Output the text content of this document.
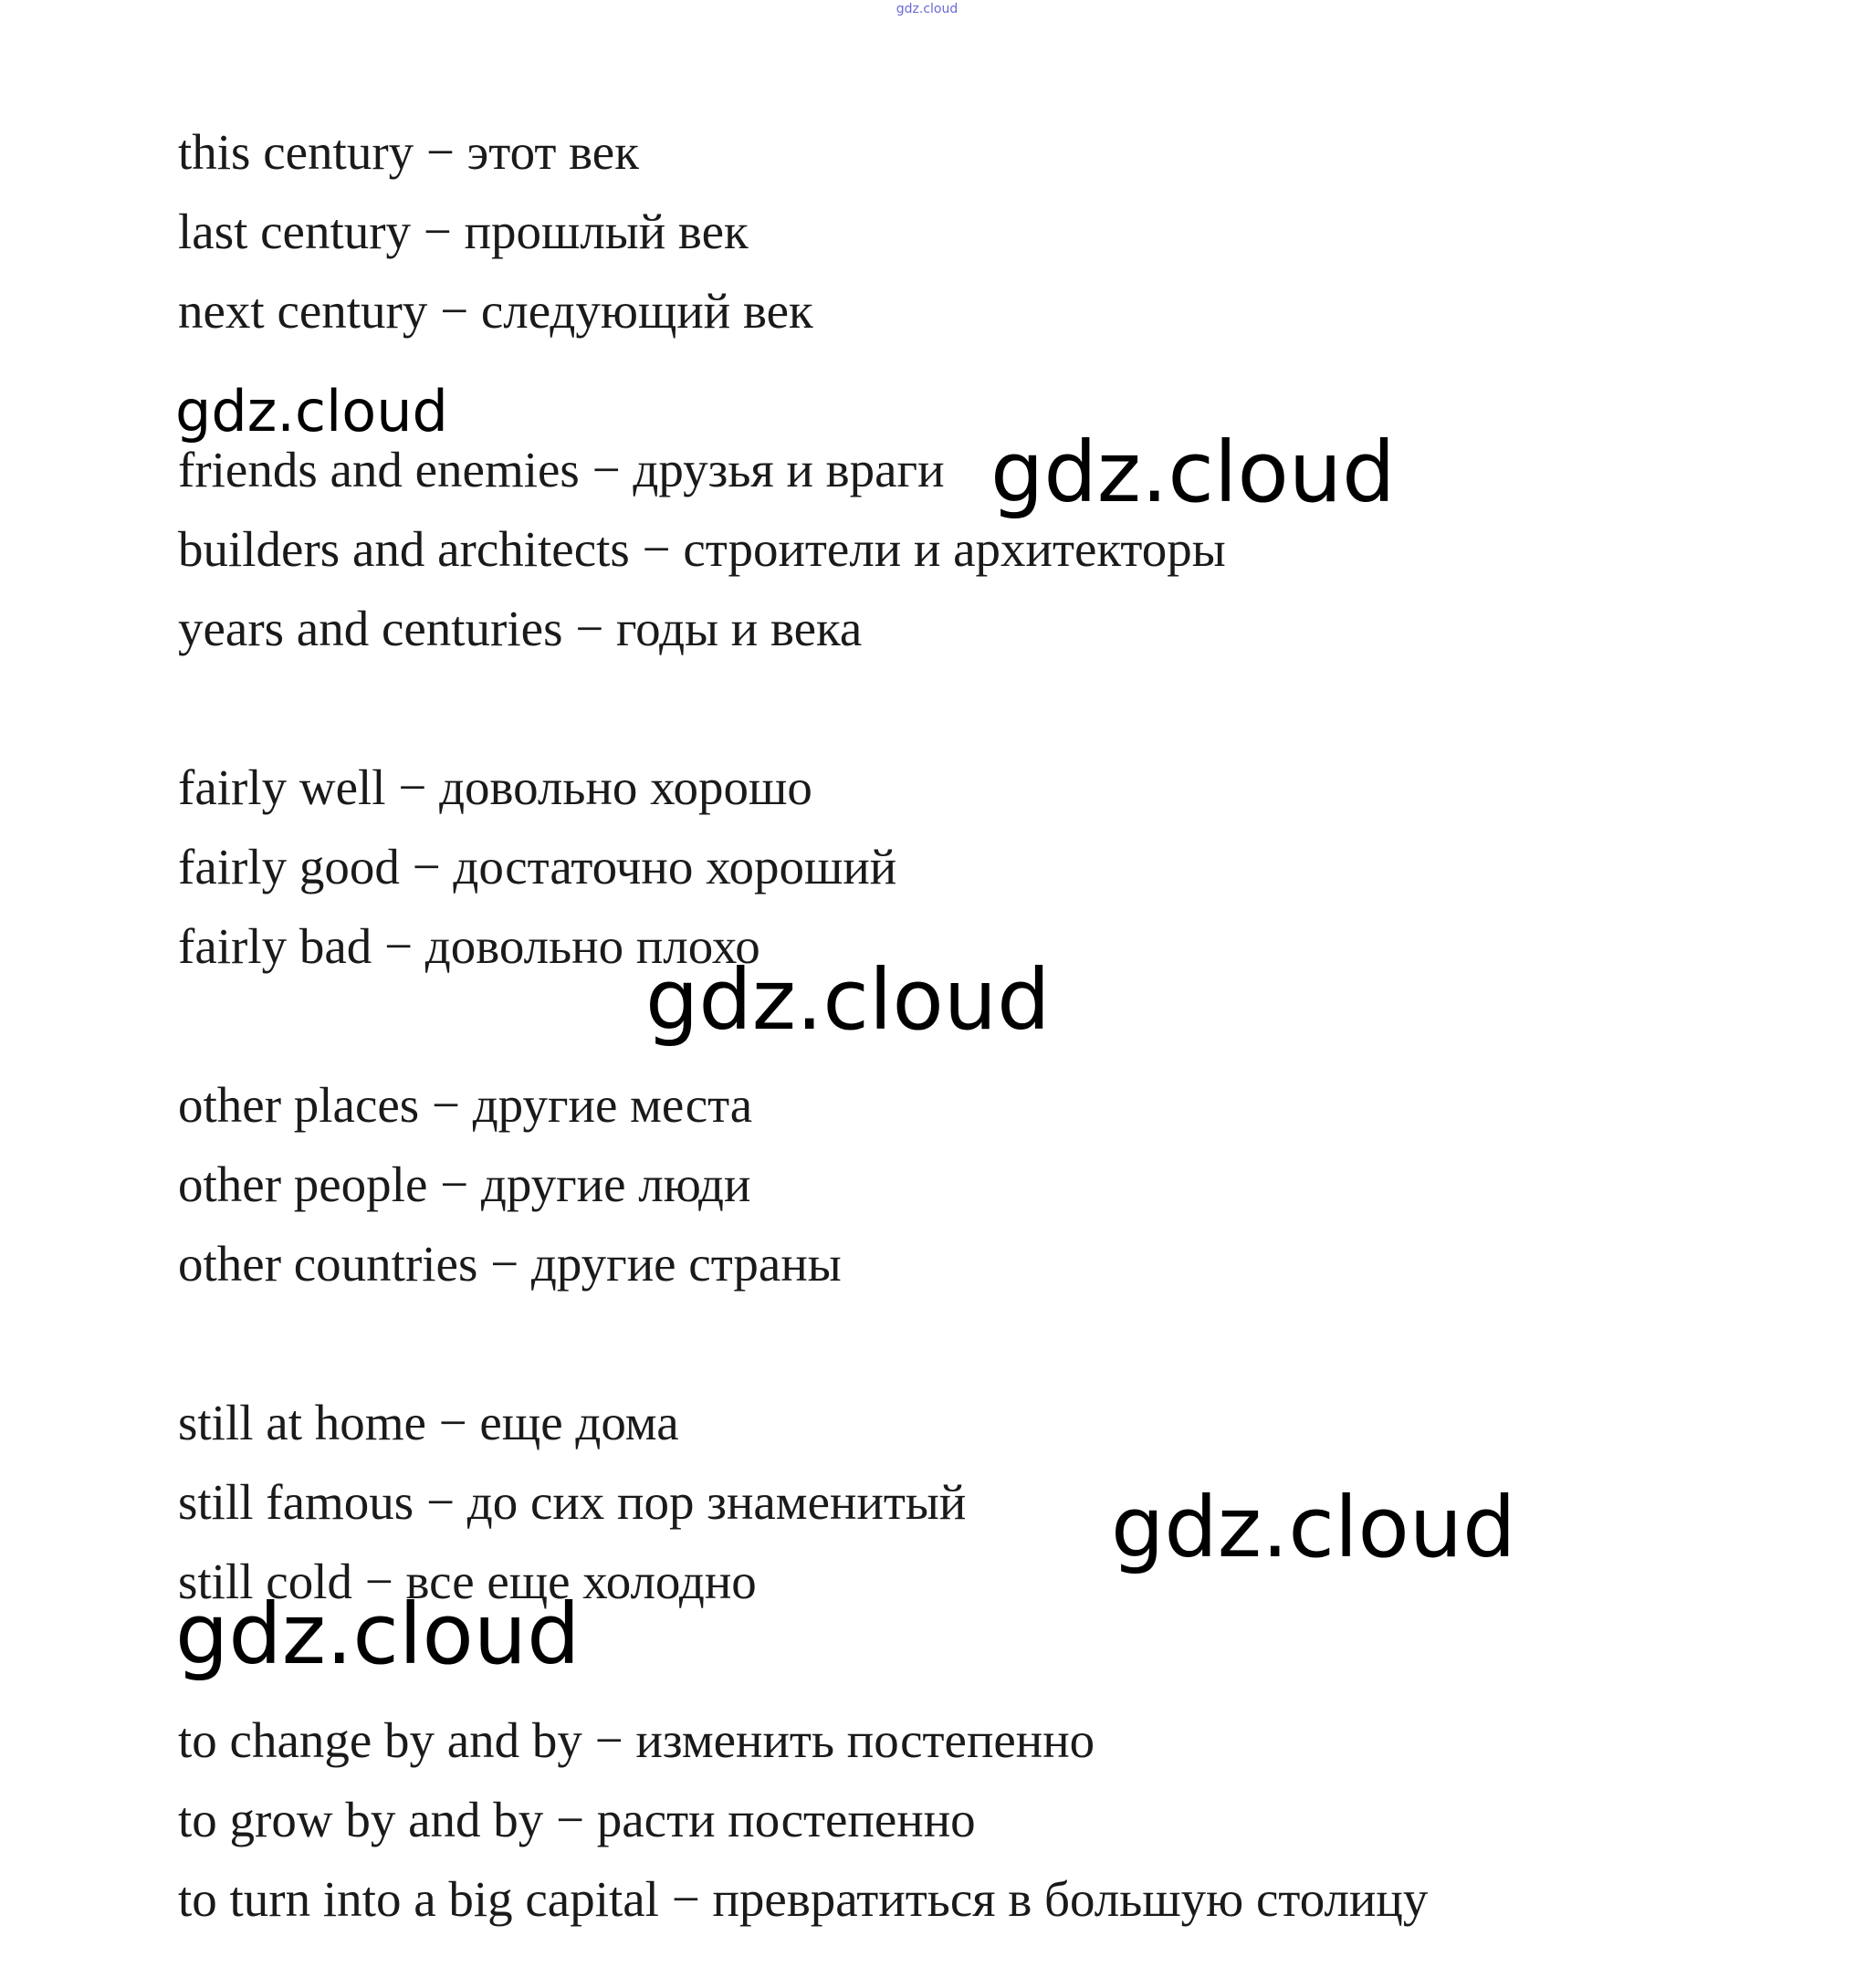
gdz.cloud
this century − этот век
last century − прошлый век
next century − следующий век
friends and enemies − друзья и враги
builders and architects − строители и архитекторы
years and centuries − годы и века
fairly well − довольно хорошо
fairly good − достаточно хороший
fairly bad − довольно плохо
other places − другие места
other people − другие люди
other countries − другие страны
still at home − еще дома
still famous − до сих пор знаменитый
still cold − все еще холодно
to change by and by − изменить постепенно
to grow by and by − расти постепенно
to turn into a big capital − превратиться в большую столицу
gdz.cloud
gdz.cloud
gdz.cloud
gdz.cloud
gdz.cloud
